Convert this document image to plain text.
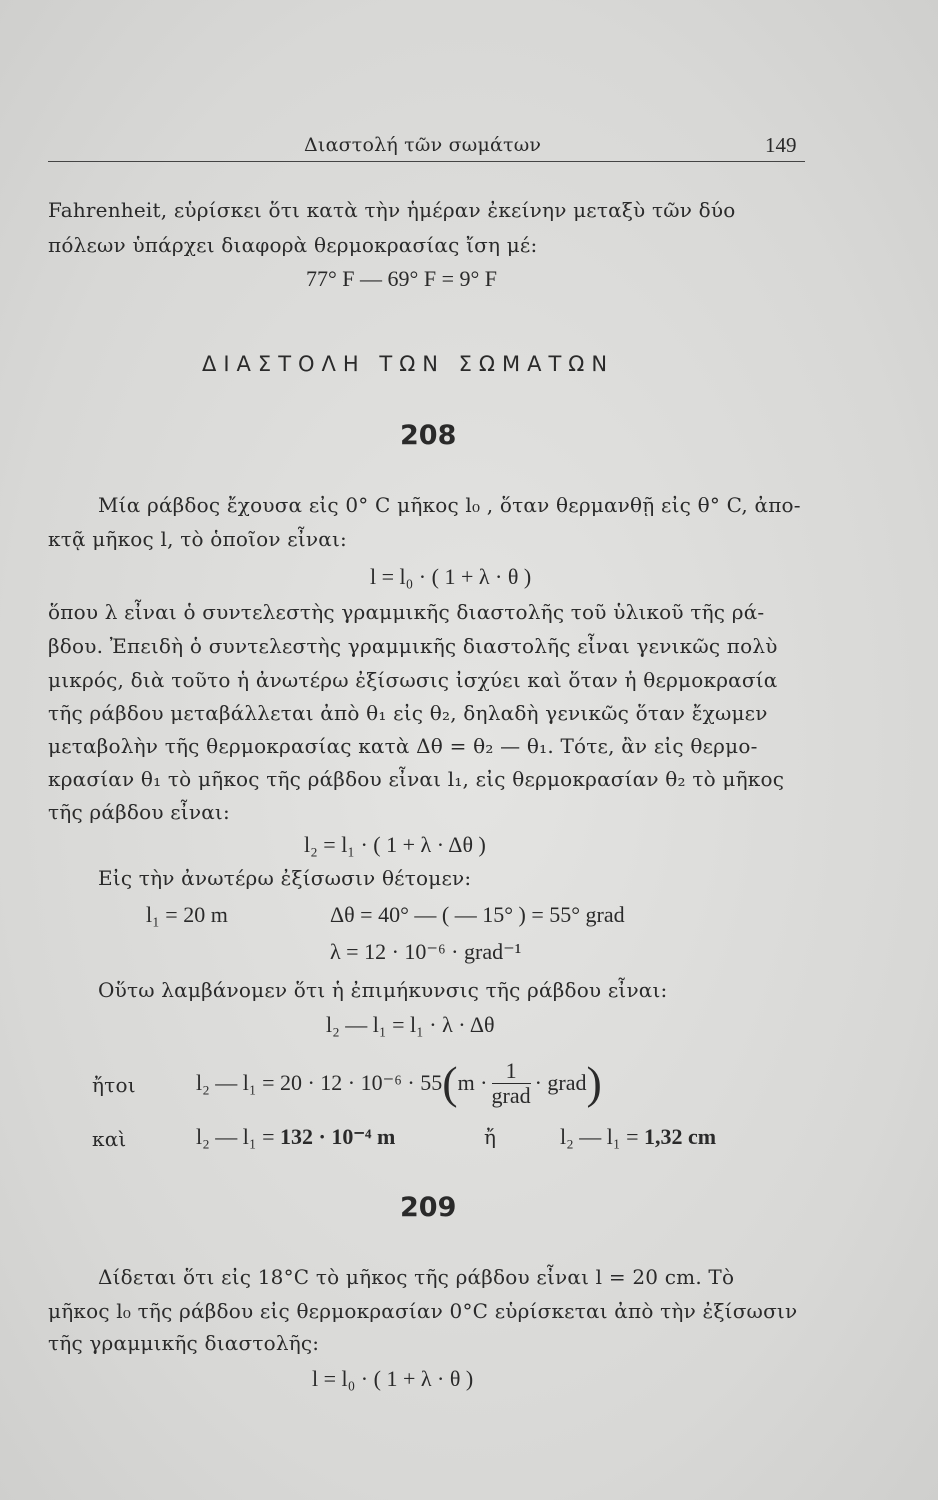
Διαστολή τῶν σωμάτων	149
Fahrenheit, εὑρίσκει ὅτι κατὰ τὴν ἡμέραν ἐκείνην μεταξὺ τῶν δύο
πόλεων ὑπάρχει διαφορὰ θερμοκρασίας ἴση μέ:
77° F — 69° F = 9° F
ΔΙΑΣΤΟΛΗ ΤΩΝ ΣΩΜΑΤΩΝ
208
Μία ράβδος ἔχουσα εἰς 0° C μῆκος l₀ , ὅταν θερμανθῇ εἰς θ° C, ἀπο-
κτᾷ μῆκος l, τὸ ὁποῖον εἶναι:
l = l₀ · ( 1 + λ · θ )
ὅπου λ εἶναι ὁ συντελεστὴς γραμμικῆς διαστολῆς τοῦ ὑλικοῦ τῆς ρά-
βδου. Ἐπειδὴ ὁ συντελεστὴς γραμμικῆς διαστολῆς εἶναι γενικῶς πολὺ
μικρός, διὰ τοῦτο ἡ ἀνωτέρω ἐξίσωσις ἰσχύει καὶ ὅταν ἡ θερμοκρασία
τῆς ράβδου μεταβάλλεται ἀπὸ θ₁ εἰς θ₂, δηλαδὴ γενικῶς ὅταν ἔχωμεν
μεταβολὴν τῆς θερμοκρασίας κατὰ Δθ = θ₂ — θ₁. Τότε, ἂν εἰς θερμο-
κρασίαν θ₁ τὸ μῆκος τῆς ράβδου εἶναι l₁, εἰς θερμοκρασίαν θ₂ τὸ μῆκος
τῆς ράβδου εἶναι:
l₂ = l₁ · ( 1 + λ · Δθ )
Εἰς τὴν ἀνωτέρω ἐξίσωσιν θέτομεν:
l₁ = 20 m	Δθ = 40° — ( — 15° ) = 55° grad
λ = 12 · 10⁻⁶ · grad⁻¹
Οὕτω λαμβάνομεν ὅτι ἡ ἐπιμήκυνσις τῆς ράβδου εἶναι:
l₂ — l₁ = l₁ · λ · Δθ
ἤτοι	l₂ — l₁ = 20 · 12 · 10⁻⁶ · 55 ( $m \cdot \frac{1}{\text{grad}}$ · grad )
καὶ	l₂ — l₁ = 132 · 10⁻⁴ m	ἤ	l₂ — l₁ = 1,32 cm
209
Δίδεται ὅτι εἰς 18°C τὸ μῆκος τῆς ράβδου εἶναι l = 20 cm. Τὸ
μῆκος l₀ τῆς ράβδου εἰς θερμοκρασίαν 0°C εὑρίσκεται ἀπὸ τὴν ἐξίσωσιν
τῆς γραμμικῆς διαστολῆς:
l = l₀ · ( 1 + λ · θ )
